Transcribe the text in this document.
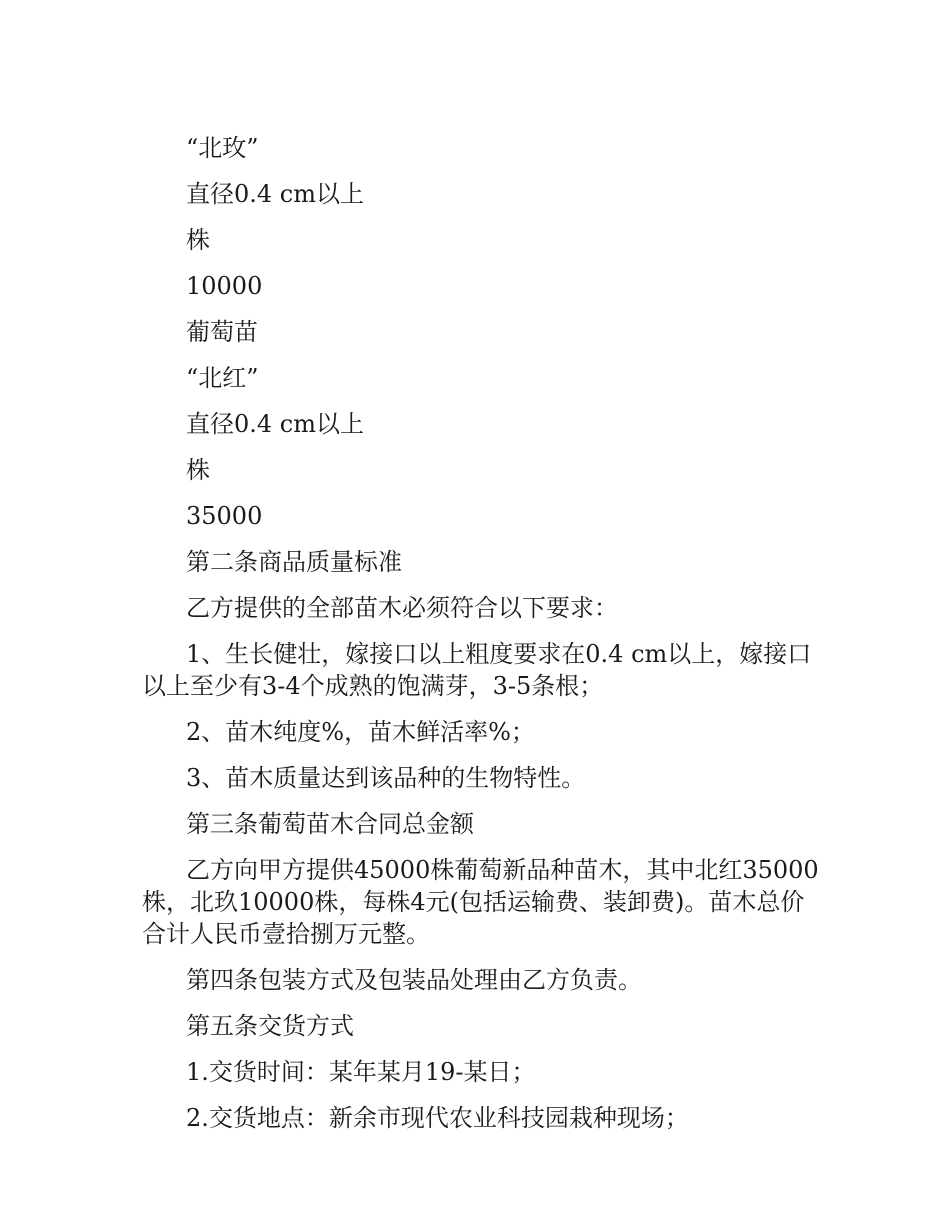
“北玫”

直径0.4 cm以上

株

10000

葡萄苗

“北红”

直径0.4 cm以上

株

35000

第二条商品质量标准

乙方提供的全部苗木必须符合以下要求：

1、生长健壮，嫁接口以上粗度要求在0.4 cm以上，嫁接口以上至少有3-4个成熟的饱满芽，3-5条根；

2、苗木纯度%，苗木鲜活率%；

3、苗木质量达到该品种的生物特性。

第三条葡萄苗木合同总金额

乙方向甲方提供45000株葡萄新品种苗木，其中北红35000株，北玖10000株，每株4元(包括运输费、装卸费)。苗木总价合计人民币壹拾捌万元整。

第四条包装方式及包装品处理由乙方负责。

第五条交货方式

1.交货时间：某年某月19-某日；

2.交货地点：新余市现代农业科技园栽种现场；
